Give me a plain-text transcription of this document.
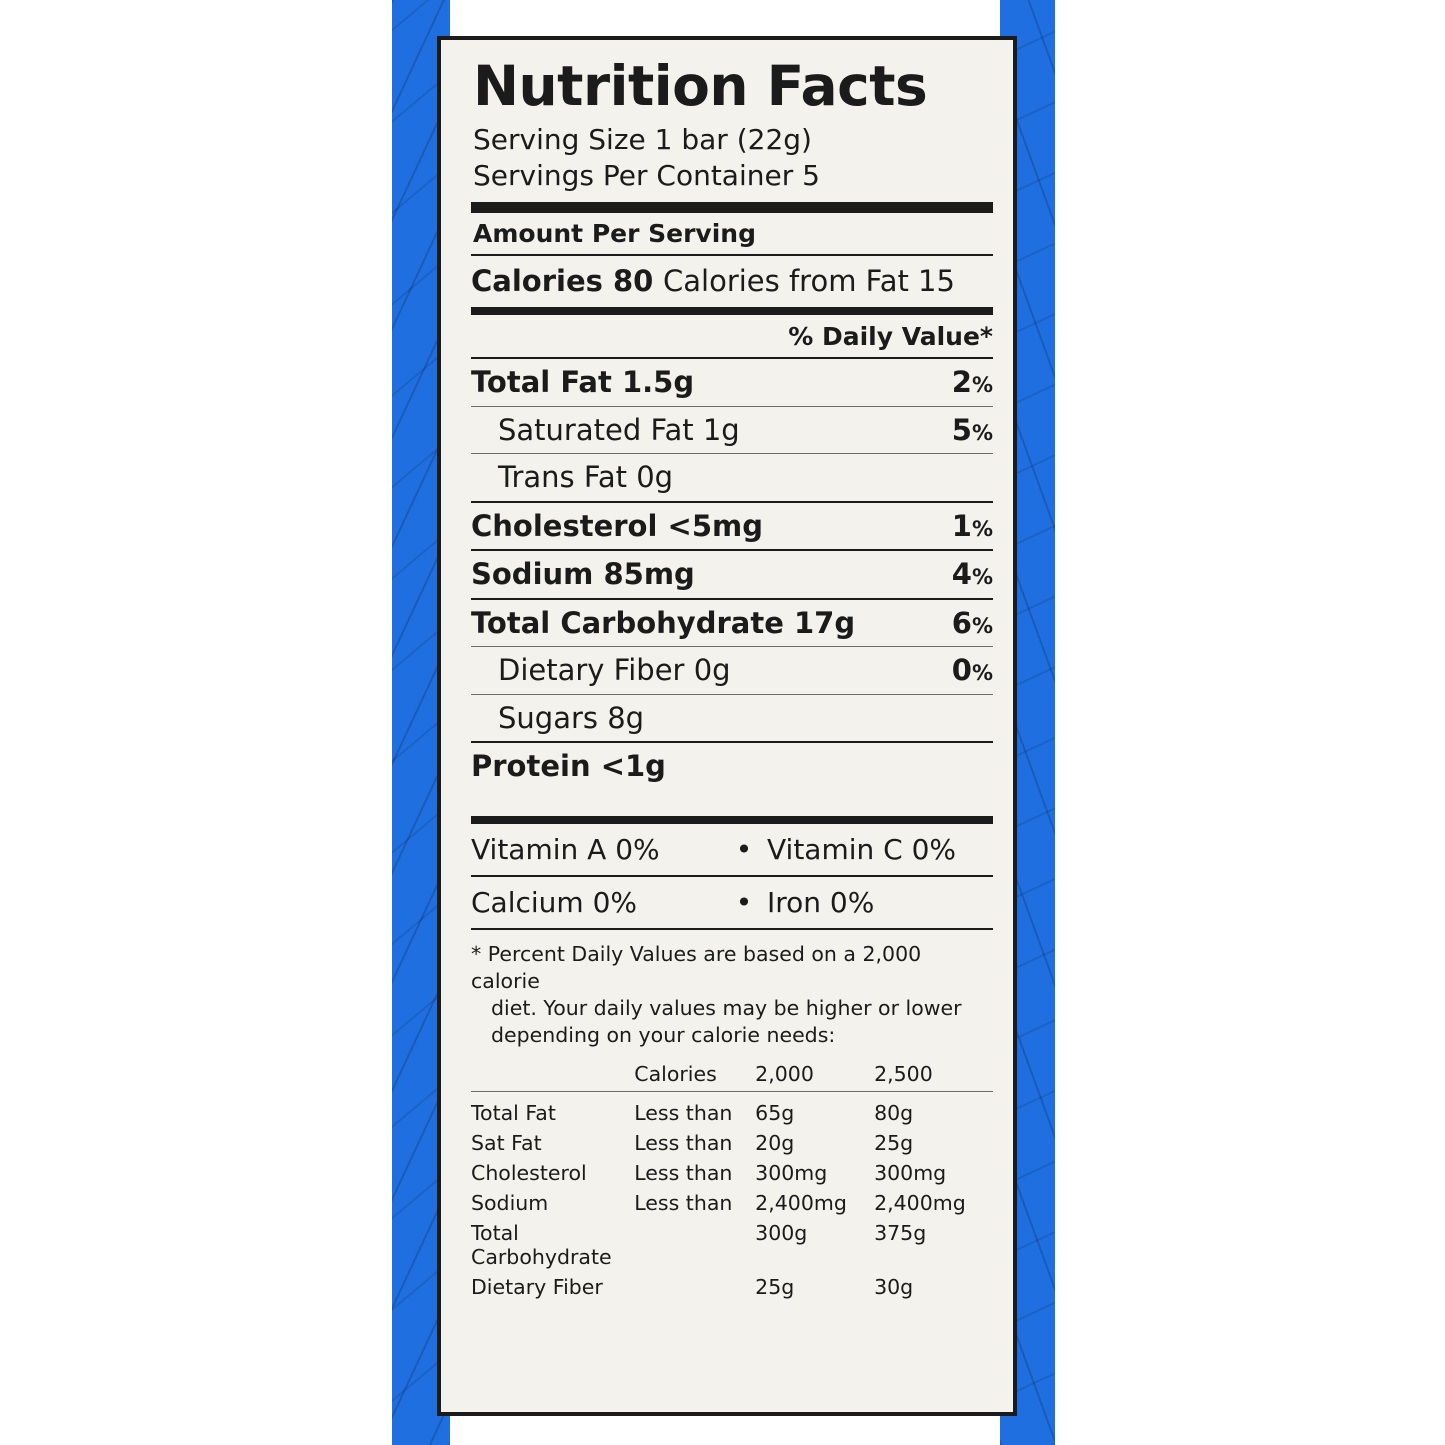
Nutrition Facts
Serving Size 1 bar (22g)
Servings Per Container 5
Amount Per Serving
Calories 80 Calories from Fat 15
% Daily Value*
Total Fat 1.5g	2%
Saturated Fat 1g	5%
Trans Fat 0g
Cholesterol <5mg	1%
Sodium 85mg	4%
Total Carbohydrate 17g	6%
Dietary Fiber 0g	0%
Sugars 8g
Protein <1g
Vitamin A 0%	• Vitamin C 0%
Calcium 0%	• Iron 0%
* Percent Daily Values are based on a 2,000 calorie
diet. Your daily values may be higher or lower
depending on your calorie needs:
	Calories	2,000	2,500

Total Fat	Less than	65g	80g
Sat Fat	Less than	20g	25g
Cholesterol	Less than	300mg	300mg
Sodium	Less than	2,400mg	2,400mg
Total Carbohydrate		300g	375g
Dietary Fiber		25g	30g
